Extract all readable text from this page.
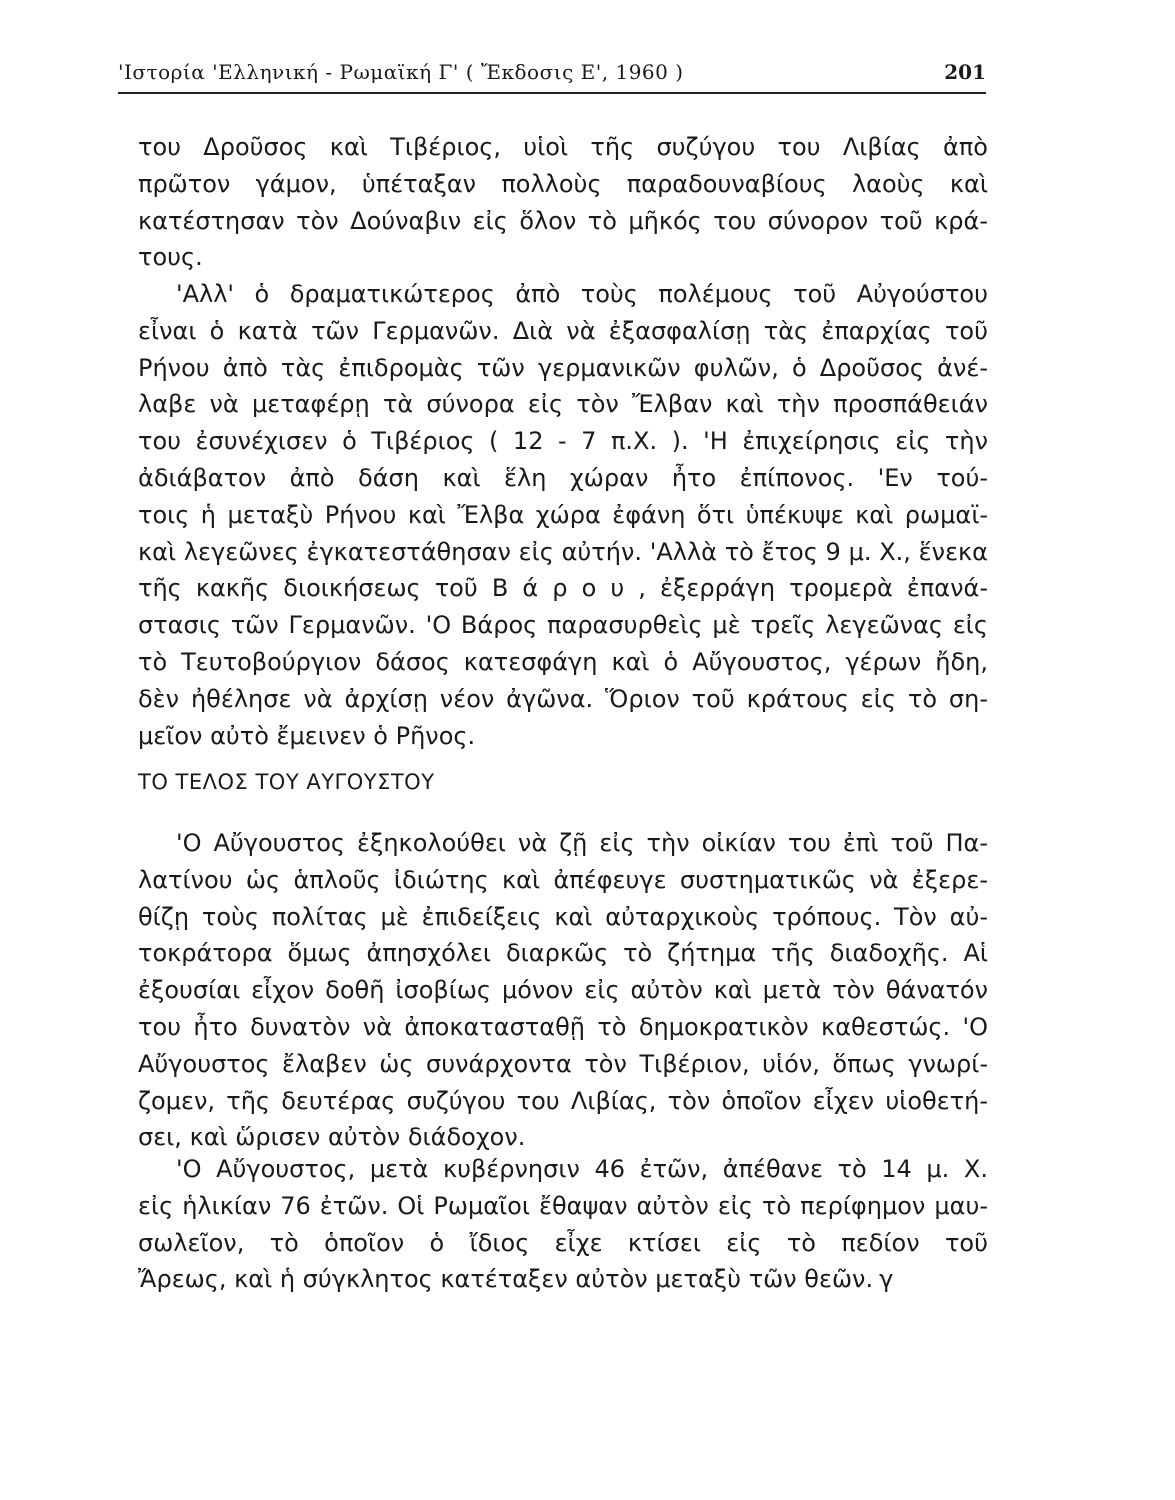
'Ιστορία 'Ελληνική - Ρωμαϊκή Γ' ( Ἔκδοσις Ε', 1960 )	201
του Δροῦσος καὶ Τιβέριος, υἱοὶ τῆς συζύγου του Λιβίας ἀπὸ
πρῶτον γάμον, ὑπέταξαν πολλοὺς παραδουναβίους λαοὺς καὶ
κατέστησαν τὸν Δούναβιν εἰς ὅλον τὸ μῆκός του σύνορον τοῦ κρά-
τους.
'Αλλ' ὁ δραματικώτερος ἀπὸ τοὺς πολέμους τοῦ Αὐγούστου
εἶναι ὁ κατὰ τῶν Γερμανῶν. Διὰ νὰ ἐξασφαλίσῃ τὰς ἐπαρχίας τοῦ
Ρήνου ἀπὸ τὰς ἐπιδρομὰς τῶν γερμανικῶν φυλῶν, ὁ Δροῦσος ἀνέ-
λαβε νὰ μεταφέρῃ τὰ σύνορα εἰς τὸν Ἔλβαν καὶ τὴν προσπάθειάν
του ἐσυνέχισεν ὁ Τιβέριος ( 12 - 7 π.Χ. ). 'Η ἐπιχείρησις εἰς τὴν
ἀδιάβατον ἀπὸ δάση καὶ ἕλη χώραν ἦτο ἐπίπονος. 'Εν τού-
τοις ἡ μεταξὺ Ρήνου καὶ Ἔλβα χώρα ἐφάνη ὅτι ὑπέκυψε καὶ ρωμαϊ-
καὶ λεγεῶνες ἐγκατεστάθησαν εἰς αὐτήν. 'Αλλὰ τὸ ἔτος 9 μ. Χ., ἕνεκα
τῆς κακῆς διοικήσεως τοῦ Β ά ρ ο υ , ἐξερράγη τρομερὰ ἐπανά-
στασις τῶν Γερμανῶν. 'Ο Βάρος παρασυρθεὶς μὲ τρεῖς λεγεῶνας εἰς
τὸ Τευτοβούργιον δάσος κατεσφάγη καὶ ὁ Αὔγουστος, γέρων ἤδη,
δὲν ἠθέλησε νὰ ἀρχίσῃ νέον ἀγῶνα. Ὅριον τοῦ κράτους εἰς τὸ ση-
μεῖον αὐτὸ ἔμεινεν ὁ Ρῆνος.
ΤΟ ΤΕΛΟΣ ΤΟΥ ΑΥΓΟΥΣΤΟΥ
'Ο Αὔγουστος ἐξηκολούθει νὰ ζῇ εἰς τὴν οἰκίαν του ἐπὶ τοῦ Πα-
λατίνου ὡς ἁπλοῦς ἰδιώτης καὶ ἀπέφευγε συστηματικῶς νὰ ἐξερε-
θίζῃ τοὺς πολίτας μὲ ἐπιδείξεις καὶ αὐταρχικοὺς τρόπους. Τὸν αὐ-
τοκράτορα ὅμως ἀπησχόλει διαρκῶς τὸ ζήτημα τῆς διαδοχῆς. Αἱ
ἐξουσίαι εἶχον δοθῆ ἰσοβίως μόνον εἰς αὐτὸν καὶ μετὰ τὸν θάνατόν
του ἦτο δυνατὸν νὰ ἀποκατασταθῇ τὸ δημοκρατικὸν καθεστώς. 'Ο
Αὔγουστος ἔλαβεν ὡς συνάρχοντα τὸν Τιβέριον, υἱόν, ὅπως γνωρί-
ζομεν, τῆς δευτέρας συζύγου του Λιβίας, τὸν ὁποῖον εἶχεν υἱοθετή-
σει, καὶ ὥρισεν αὐτὸν διάδοχον.
'Ο Αὔγουστος, μετὰ κυβέρνησιν 46 ἐτῶν, ἀπέθανε τὸ 14 μ. Χ.
εἰς ἡλικίαν 76 ἐτῶν. Οἱ Ρωμαῖοι ἔθαψαν αὐτὸν εἰς τὸ περίφημον μαυ-
σωλεῖον, τὸ ὁποῖον ὁ ἴδιος εἶχε κτίσει εἰς τὸ πεδίον τοῦ
Ἄρεως, καὶ ἡ σύγκλητος κατέταξεν αὐτὸν μεταξὺ τῶν θεῶν. γ
